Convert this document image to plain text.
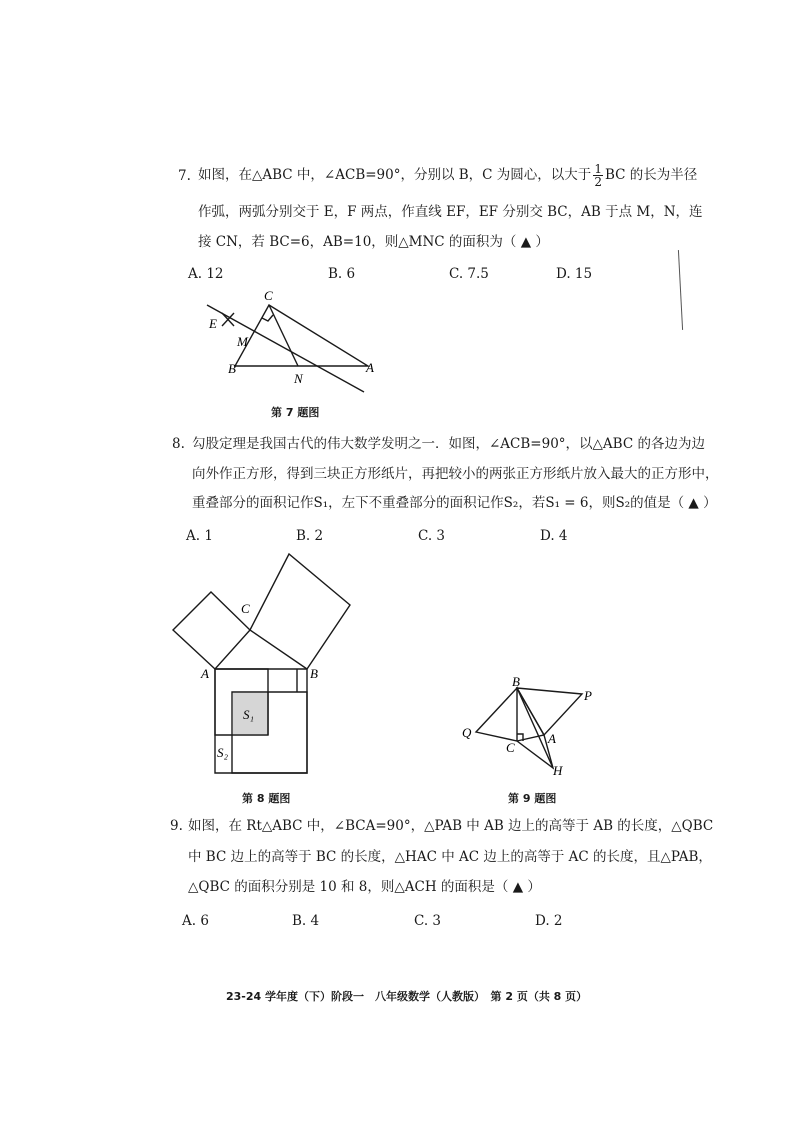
7. 如图，在△ABC 中，∠ACB=90°，分别以 B，C 为圆心，以大于 $\frac{1}{2}$ BC 的长为半径
作弧，两弧分别交于 E，F 两点，作直线 EF，EF 分别交 BC，AB 于点 M，N，连
接 CN，若 BC=6，AB=10，则△MNC 的面积为（ ▲ ）
A. 12	B. 6	C. 7.5	D. 15
C
E
M
B
N
A
第 7 题图
8. 勾股定理是我国古代的伟大数学发明之一．如图，∠ACB=90°，以△ABC 的各边为边
向外作正方形，得到三块正方形纸片，再把较小的两张正方形纸片放入最大的正方形中，
重叠部分的面积记作S₁，左下不重叠部分的面积记作S₂，若S₁ = 6，则S₂的值是（ ▲ ）
A. 1	B. 2	C. 3	D. 4
C
A	B
S₁
S₂
第 8 题图
B
P
Q
C
A
H
第 9 题图
9. 如图，在 Rt△ABC 中，∠BCA=90°，△PAB 中 AB 边上的高等于 AB 的长度，△QBC
中 BC 边上的高等于 BC 的长度，△HAC 中 AC 边上的高等于 AC 的长度，且△PAB，
△QBC 的面积分别是 10 和 8，则△ACH 的面积是（ ▲ ）
A. 6	B. 4	C. 3	D. 2
23-24 学年度（下）阶段一　八年级数学（人教版）　第 2 页（共 8 页）
